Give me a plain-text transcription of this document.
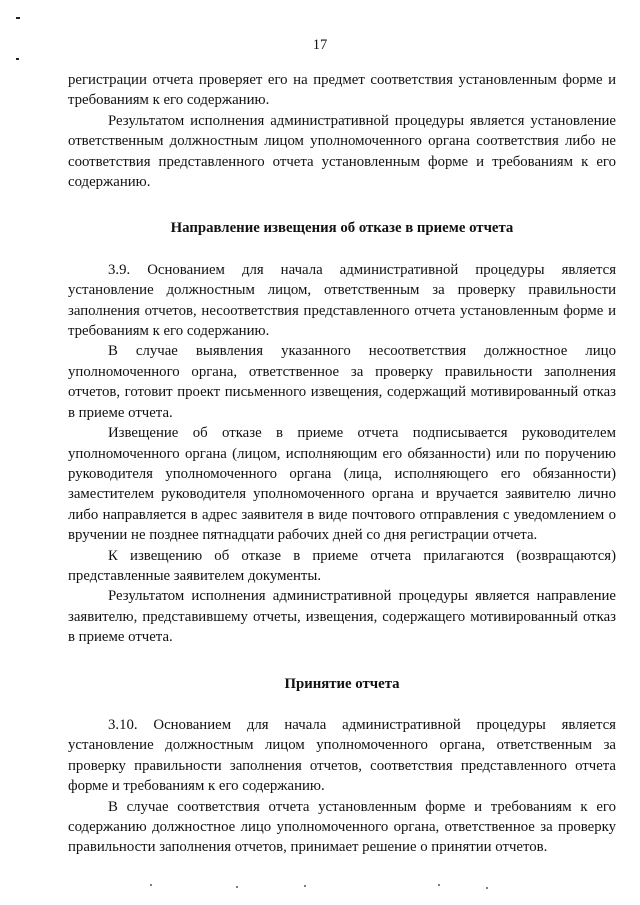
17

регистрации отчета проверяет его на предмет соответствия установленным форме и требованиям к его содержанию.

Результатом исполнения административной процедуры является установление ответственным должностным лицом уполномоченного органа соответствия либо не соответствия представленного отчета установленным форме и требованиям к его содержанию.

Направление извещения об отказе в приеме отчета

3.9. Основанием для начала административной процедуры является установление должностным лицом, ответственным за проверку правильности заполнения отчетов, несоответствия представленного отчета установленным форме и требованиям к его содержанию.

В случае выявления указанного несоответствия должностное лицо уполномоченного органа, ответственное за проверку правильности заполнения отчетов, готовит проект письменного извещения, содержащий мотивированный отказ в приеме отчета.

Извещение об отказе в приеме отчета подписывается руководителем уполномоченного органа (лицом, исполняющим его обязанности) или по поручению руководителя уполномоченного органа (лица, исполняющего его обязанности) заместителем руководителя уполномоченного органа и вручается заявителю лично либо направляется в адрес заявителя в виде почтового отправления с уведомлением о вручении не позднее пятнадцати рабочих дней со дня регистрации отчета.

К извещению об отказе в приеме отчета прилагаются (возвращаются) представленные заявителем документы.

Результатом исполнения административной процедуры является направление заявителю, представившему отчеты, извещения, содержащего мотивированный отказ в приеме отчета.

Принятие отчета

3.10. Основанием для начала административной процедуры является установление должностным лицом уполномоченного органа, ответственным за проверку правильности заполнения отчетов, соответствия представленного отчета форме и требованиям к его содержанию.

В случае соответствия отчета установленным форме и требованиям к его содержанию должностное лицо уполномоченного органа, ответственное за проверку правильности заполнения отчетов, принимает решение о принятии отчетов.
